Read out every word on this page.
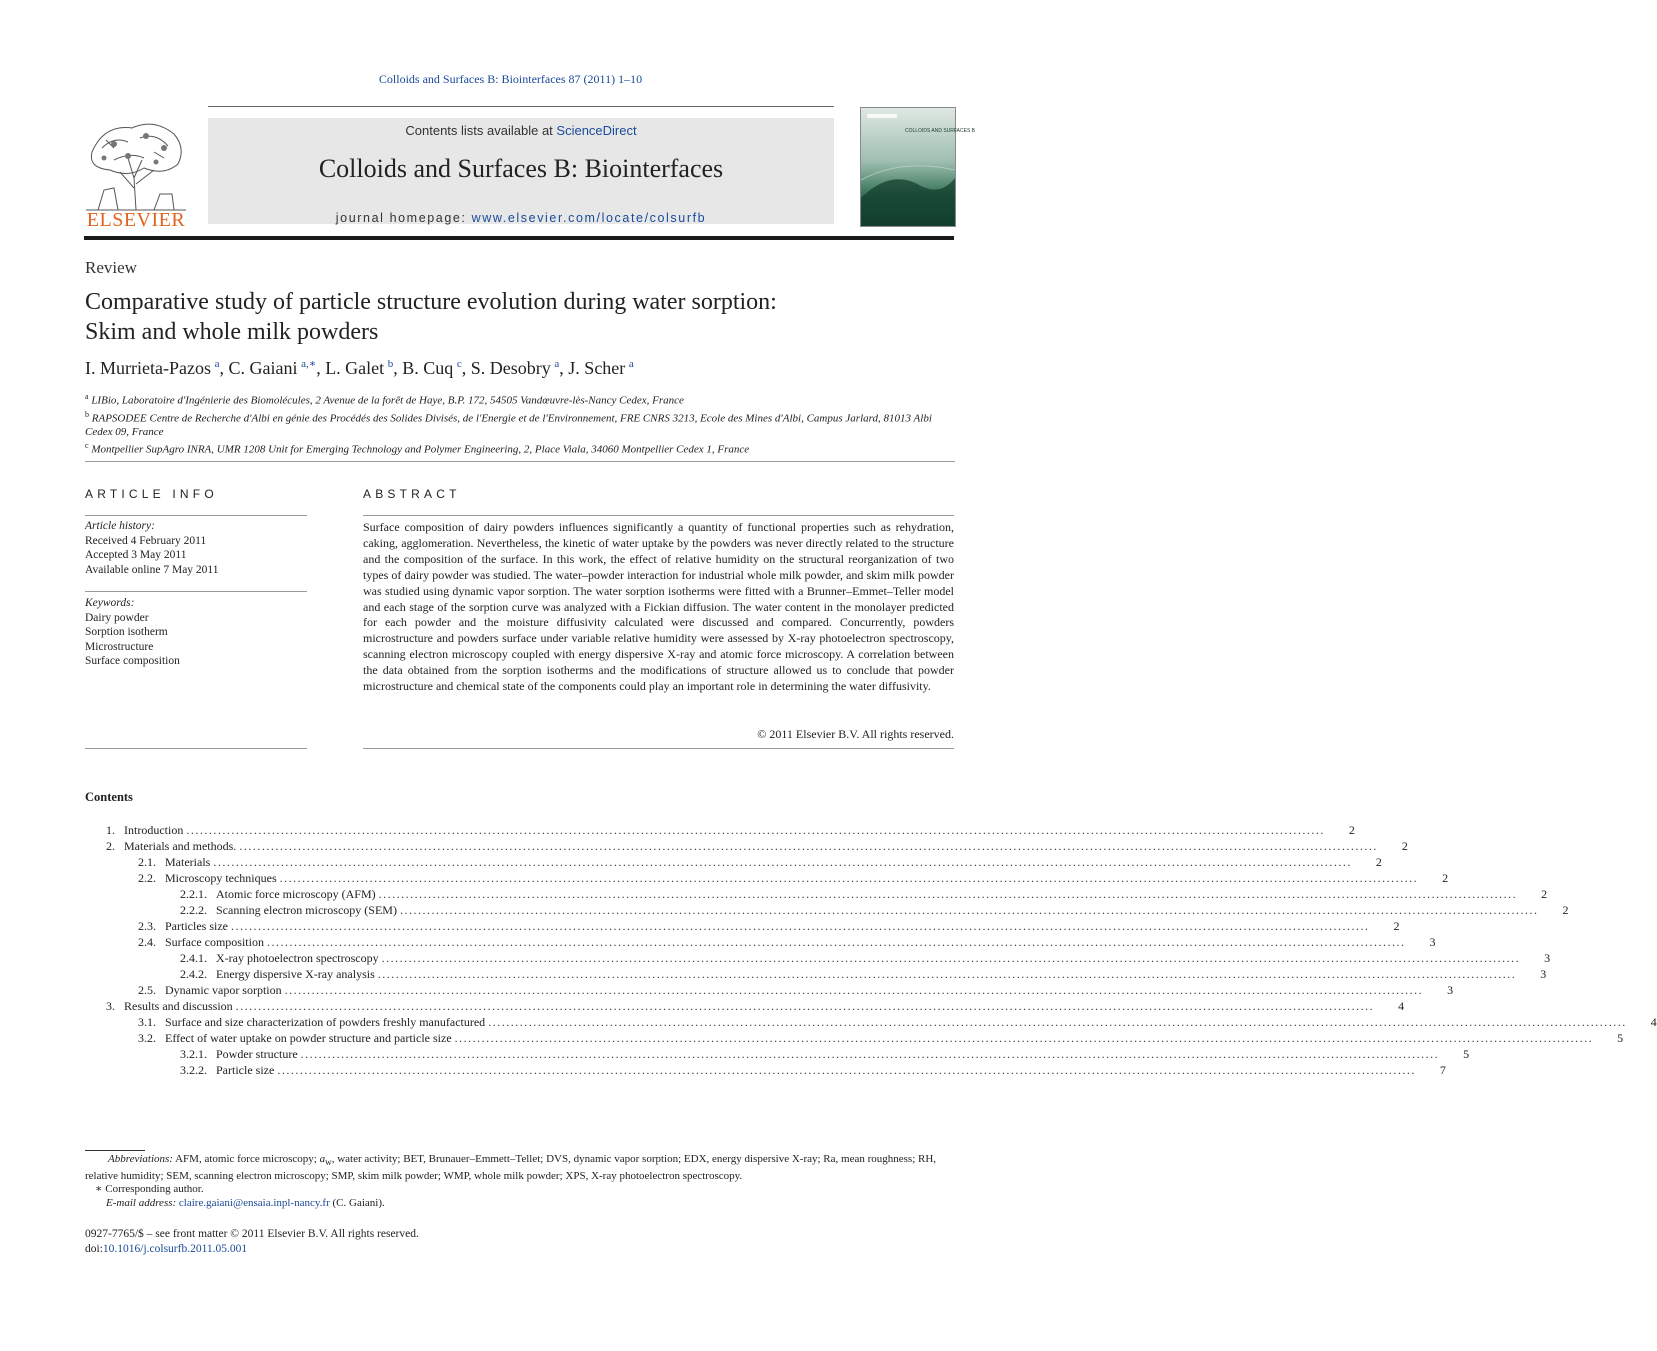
Colloids and Surfaces B: Biointerfaces 87 (2011) 1–10
ELSEVIER
Contents lists available at ScienceDirect
Colloids and Surfaces B: Biointerfaces
journal homepage: www.elsevier.com/locate/colsurfb
COLLOIDS AND SURFACES B
Review
Comparative study of particle structure evolution during water sorption:
Skim and whole milk powders
I. Murrieta-Pazos  $^a$, C. Gaiani  $^{a,∗}$, L. Galet  $^b$, B. Cuq  $^c$, S. Desobry  $^a$, J. Scher  $^a$

$^a$ LIBio, Laboratoire d'Ingénierie des Biomolécules, 2 Avenue de la forêt de Haye, B.P. 172, 54505 Vandœuvre-lès-Nancy Cedex, France

$^b$ RAPSODEE Centre de Recherche d'Albi en génie des Procédés des Solides Divisés, de l'Energie et de l'Environnement, FRE CNRS 3213, Ecole des Mines d'Albi, Campus Jarlard, 81013 Albi Cedex 09, France

$^c$ Montpellier SupAgro INRA, UMR 1208 Unit for Emerging Technology and Polymer Engineering, 2, Place Viala, 34060 Montpellier Cedex 1, France

ARTICLE INFO

Article history:

Received 4 February 2011

Accepted 3 May 2011

Available online 7 May 2011

Keywords:

Dairy powder

Sorption isotherm

Microstructure

Surface composition

ABSTRACT

Surface composition of dairy powders influences significantly a quantity of functional properties such as rehydration, caking, agglomeration. Nevertheless, the kinetic of water uptake by the powders was never directly related to the structure and the composition of the surface. In this work, the effect of relative humidity on the structural reorganization of two types of dairy powder was studied. The water–powder interaction for industrial whole milk powder, and skim milk powder was studied using dynamic vapor sorption. The water sorption isotherms were fitted with a Brunner–Emmet–Teller model and each stage of the sorption curve was analyzed with a Fickian diffusion. The water content in the monolayer predicted for each powder and the moisture diffusivity calculated were discussed and compared. Concurrently, powders microstructure and powders surface under variable relative humidity were assessed by X-ray photoelectron spectroscopy, scanning electron microscopy coupled with energy dispersive X-ray and atomic force microscopy. A correlation between the data obtained from the sorption isotherms and the modifications of structure allowed us to conclude that powder microstructure and chemical state of the components could play an important role in determining the water diffusivity.

© 2011 Elsevier B.V. All rights reserved.
Contents
1. Introduction .....	2
2. Materials and methods. .....	2
2.1. Materials .....	2
2.2. Microscopy techniques .....	2
2.2.1. Atomic force microscopy (AFM) .....	2
2.2.2. Scanning electron microscopy (SEM) .....	2
2.3. Particles size .....	2
2.4. Surface composition .....	3
2.4.1. X-ray photoelectron spectroscopy .....	3
2.4.2. Energy dispersive X-ray analysis .....	3
2.5. Dynamic vapor sorption .....	3
3. Results and discussion .....	4
3.1. Surface and size characterization of powders freshly manufactured .....	4
3.2. Effect of water uptake on powder structure and particle size .....	5
3.2.1. Powder structure .....	5
3.2.2. Particle size .....	7

Abbreviations: AFM, atomic force microscopy; $a_w$, water activity; BET, Brunauer–Emmett–Tellet; DVS, dynamic vapor sorption; EDX, energy dispersive X-ray; Ra, mean roughness; RH, relative humidity; SEM, scanning electron microscopy; SMP, skim milk powder; WMP, whole milk powder; XPS, X-ray photoelectron spectroscopy.

∗ Corresponding author.

E-mail address: claire.gaiani@ensaia.inpl-nancy.fr (C. Gaiani).

0927-7765/$ – see front matter © 2011 Elsevier B.V. All rights reserved.

doi:10.1016/j.colsurfb.2011.05.001
